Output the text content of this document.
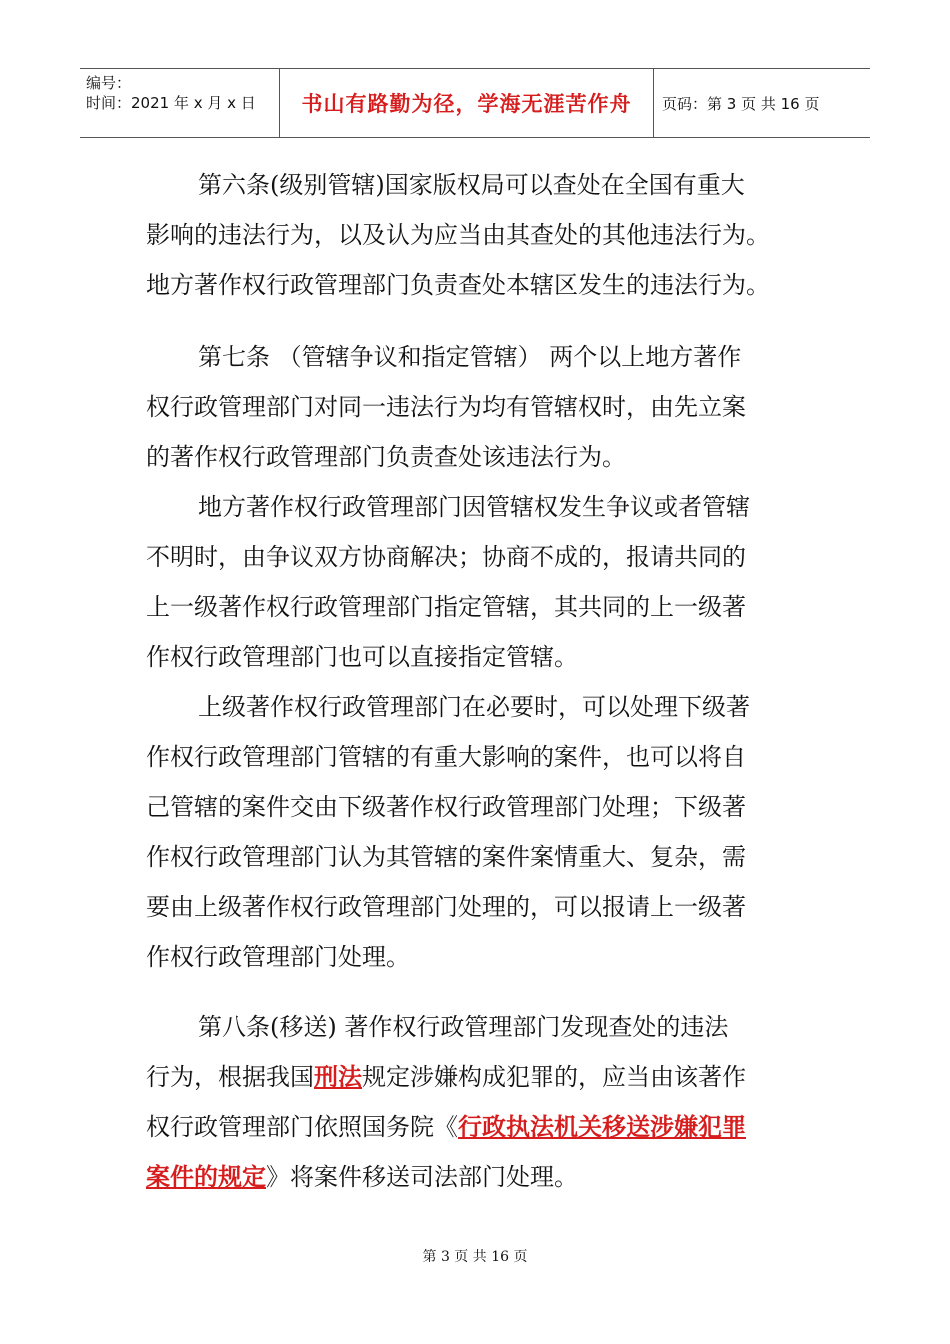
编号：
时间：2021 年 x 月 x 日	书山有路勤为径，学海无涯苦作舟	页码：第 3 页 共 16 页

第六条(级别管辖)国家版权局可以查处在全国有重大
影响的违法行为，以及认为应当由其查处的其他违法行为。
地方著作权行政管理部门负责查处本辖区发生的违法行为。

第七条 （管辖争议和指定管辖） 两个以上地方著作
权行政管理部门对同一违法行为均有管辖权时，由先立案
的著作权行政管理部门负责查处该违法行为。

地方著作权行政管理部门因管辖权发生争议或者管辖
不明时，由争议双方协商解决；协商不成的，报请共同的
上一级著作权行政管理部门指定管辖，其共同的上一级著
作权行政管理部门也可以直接指定管辖。

上级著作权行政管理部门在必要时，可以处理下级著
作权行政管理部门管辖的有重大影响的案件，也可以将自
己管辖的案件交由下级著作权行政管理部门处理；下级著
作权行政管理部门认为其管辖的案件案情重大、复杂，需
要由上级著作权行政管理部门处理的，可以报请上一级著
作权行政管理部门处理。

第八条(移送) 著作权行政管理部门发现查处的违法
行为，根据我国刑法规定涉嫌构成犯罪的，应当由该著作
权行政管理部门依照国务院《行政执法机关移送涉嫌犯罪
案件的规定》将案件移送司法部门处理。

第 3 页 共 16 页
